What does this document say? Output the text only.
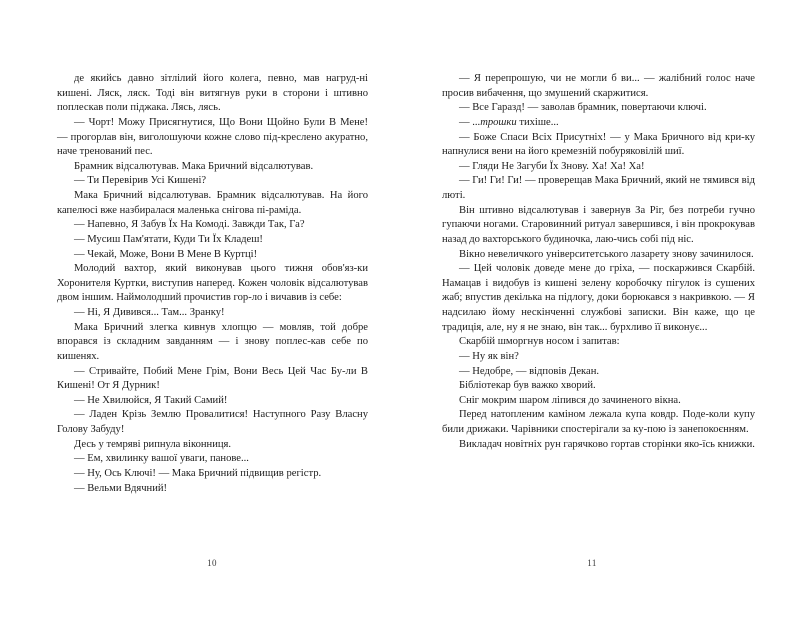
де якийсь давно зітлілий його колега, певно, мав нагруд-ні кишені. Ляск, ляск. Тоді він витягнув руки в сторони і штивно поплескав поли піджака. Лясь, лясь.

— Чорт! Можу Присягнутися, Що Вони Щойно Були В Мене! — прогорлав він, виголошуючи кожне слово під-креслено акуратно, наче тренований пес.

Брамник відсалютував. Мака Бричний відсалютував.

— Ти Перевірив Усі Кишені?

Мака Бричний відсалютував. Брамник відсалютував. На його капелюсі вже назбиралася маленька снігова пі-раміда.

— Напевно, Я Забув Їх На Комоді. Завжди Так, Га?

— Мусиш Пам'ятати, Куди Ти Їх Кладеш!

— Чекай, Може, Вони В Мене В Куртці!

Молодий вахтор, який виконував цього тижня обов'яз-ки Хоронителя Куртки, виступив наперед. Кожен чоловік відсалютував двом іншим. Наймолодший прочистив гор-ло і вичавив із себе:

— Ні, Я Дивився... Там... Зранку!

Мака Бричний злегка кивнув хлопцю — мовляв, той добре впорався із складним завданням — і знову поплес-кав себе по кишенях.

— Стривайте, Побий Мене Грім, Вони Весь Цей Час Бу-ли В Кишені! От Я Дурник!

— Не Хвилюйся, Я Такий Самий!

— Ладен Крізь Землю Провалитися! Наступного Разу Власну Голову Забуду!

Десь у темряві рипнула віконниця.

— Ем, хвилинку вашої уваги, панове...

— Ну, Ось Ключі! — Мака Бричний підвищив регістр.

— Вельми Вдячний!

10

— Я перепрошую, чи не могли б ви... — жалібний голос наче просив вибачення, що змушений скаржитися.

— Все Гаразд! — заволав брамник, повертаючи ключі.

— ...трошки тихіше...

— Боже Спаси Всіх Присутніх! — у Мака Бричного від кри-ку напнулися вени на його кремезній побуряковілій шиї.

— Гляди Не Загуби Їх Знову. Ха! Ха! Ха!

— Ги! Ги! Ги! — проверещав Мака Бричний, який не тямився від люті.

Він штивно відсалютував і завернув За Ріг, без потреби гучно гупаючи ногами. Старовинний ритуал завершився, і він прокрокував назад до вахторського будиночка, лаю-чись собі під ніс.

Вікно невеличкого університетського лазарету знову зачинилося.

— Цей чоловік доведе мене до гріха, — поскаржився Скарбій. Намацав і видобув із кишені зелену коробочку пігулок із сушених жаб; впустив декілька на підлогу, доки борюкався з накривкою. — Я надсилаю йому нескінченні службові записки. Він каже, що це традиція, але, ну я не знаю, він так... бурхливо її виконує...

Скарбій шморгнув носом і запитав:

— Ну як він?

— Недобре, — відповів Декан.

Бібліотекар був важко хворий.

Сніг мокрим шаром ліпився до зачиненого вікна.

Перед натопленим каміном лежала купа ковдр. Поде-коли купу били дрижаки. Чарівники спостерігали за ку-пою із занепокоєнням.

Викладач новітніх рун гарячково гортав сторінки яко-їсь книжки.

11
